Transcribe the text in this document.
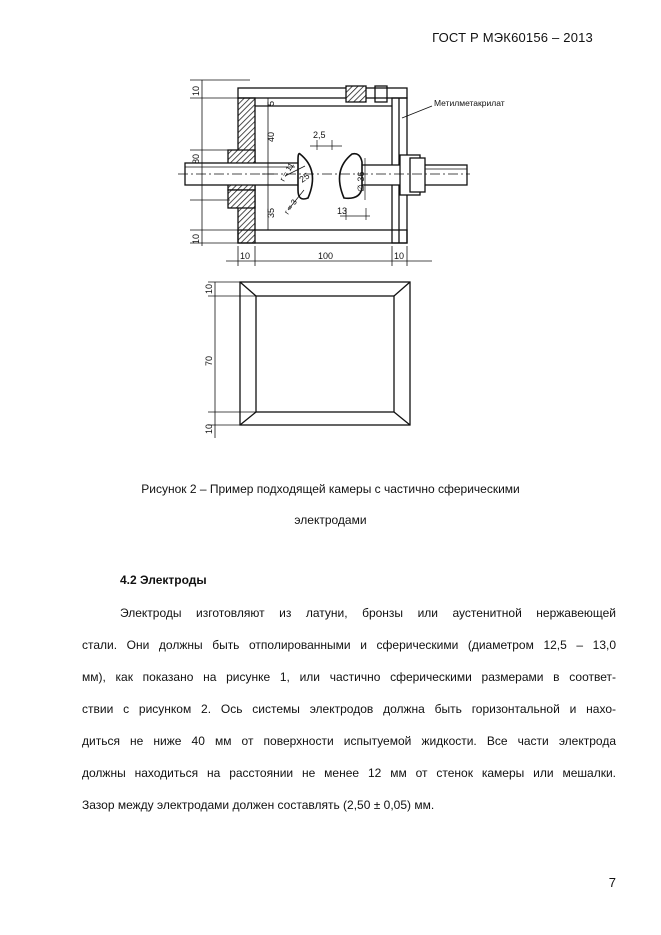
ГОСТ Р МЭК60156 – 2013
Метилметакрилат
2,5
13
100
10	10
10
80
10
5
40
35
∅ 36
25
r = 11
r = 3
10
70
10
Рисунок 2 – Пример подходящей камеры с частично сферическими
электродами
4.2 Электроды
Электроды изготовляют из латуни, бронзы или аустенитной нержавеющей
стали. Они должны быть отполированными и сферическими (диаметром 12,5 – 13,0
мм), как показано на рисунке 1, или частично сферическими размерами в соответ-
ствии с рисунком 2. Ось системы электродов должна быть горизонтальной и нахо-
диться не ниже 40 мм от поверхности испытуемой жидкости. Все части электрода
должны находиться на расстоянии не менее 12 мм от стенок камеры или мешалки.
Зазор между электродами должен составлять (2,50 ± 0,05) мм.
7
